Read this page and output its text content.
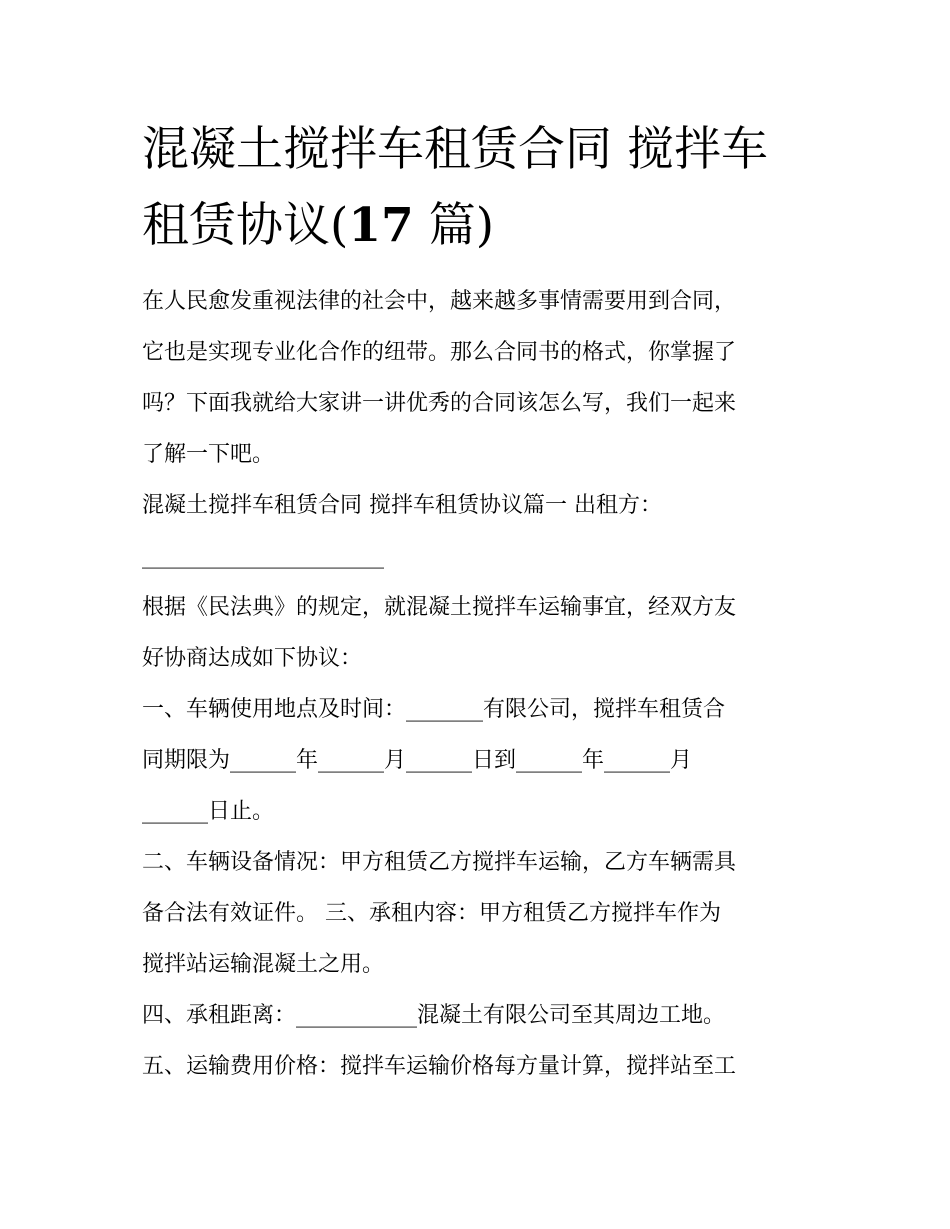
混凝土搅拌车租赁合同 搅拌车
租赁协议(17 篇)
在人民愈发重视法律的社会中，越来越多事情需要用到合同，
它也是实现专业化合作的纽带。那么合同书的格式，你掌握了
吗？下面我就给大家讲一讲优秀的合同该怎么写，我们一起来
了解一下吧。
混凝土搅拌车租赁合同 搅拌车租赁协议篇一 出租方：
______________________
根据《民法典》的规定，就混凝土搅拌车运输事宜，经双方友
好协商达成如下协议：
一、车辆使用地点及时间：_______有限公司，搅拌车租赁合
同期限为______年______月______日到______年______月
______日止。
二、车辆设备情况：甲方租赁乙方搅拌车运输，乙方车辆需具
备合法有效证件。 三、承租内容：甲方租赁乙方搅拌车作为
搅拌站运输混凝土之用。
四、承租距离：___________混凝土有限公司至其周边工地。
五、运输费用价格：搅拌车运输价格每方量计算，搅拌站至工
